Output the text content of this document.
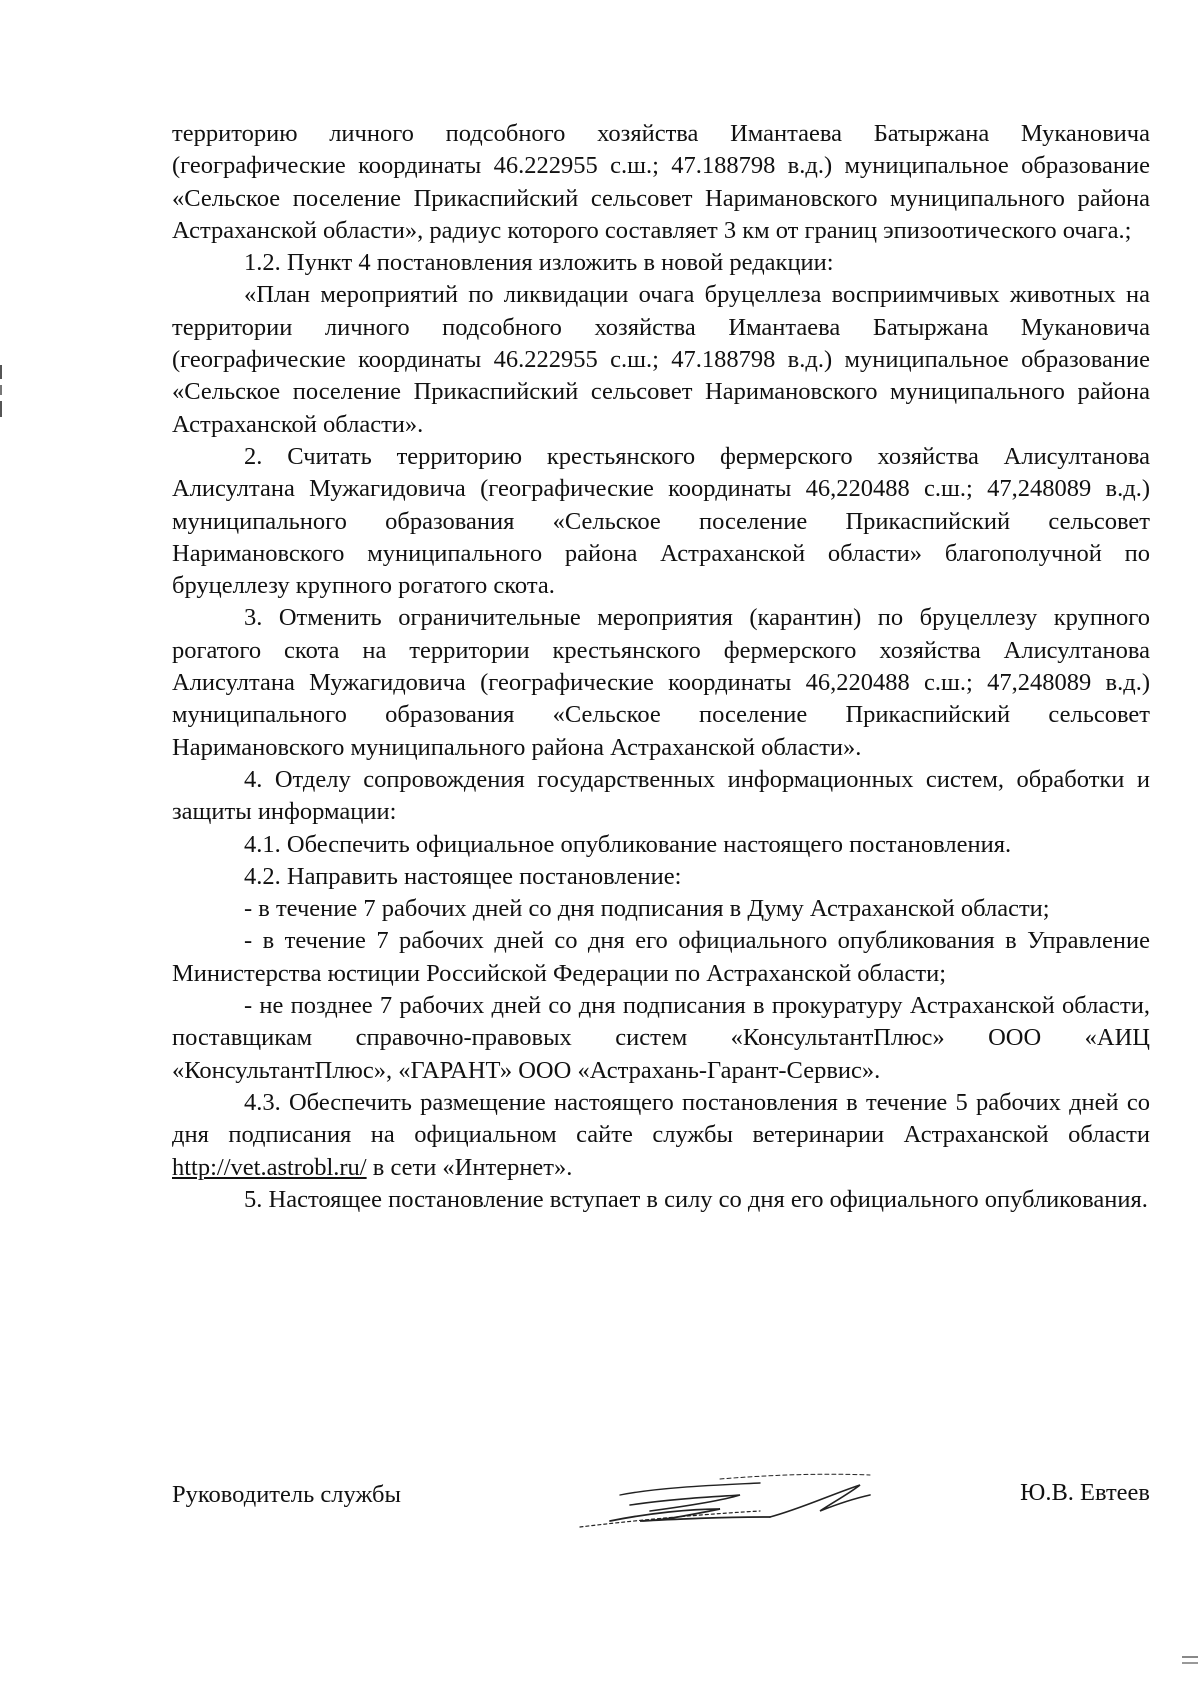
территорию личного подсобного хозяйства Имантаева Батыржана Мукановича (географические координаты 46.222955 с.ш.; 47.188798 в.д.) муниципальное образование «Сельское поселение Прикаспийский сельсовет Наримановского муниципального района Астраханской области», радиус которого составляет 3 км от границ эпизоотического очага.;

1.2. Пункт 4 постановления изложить в новой редакции:

«План мероприятий по ликвидации очага бруцеллеза восприимчивых животных на территории личного подсобного хозяйства Имантаева Батыржана Мукановича (географические координаты 46.222955 с.ш.; 47.188798 в.д.) муниципальное образование «Сельское поселение Прикаспийский сельсовет Наримановского муниципального района Астраханской области».

2. Считать территорию крестьянского фермерского хозяйства Алисултанова Алисултана Мужагидовича (географические координаты 46,220488 с.ш.; 47,248089 в.д.) муниципального образования «Сельское поселение Прикаспийский сельсовет Наримановского муниципального района Астраханской области» благополучной по бруцеллезу крупного рогатого скота.

3. Отменить ограничительные мероприятия (карантин) по бруцеллезу крупного рогатого скота на территории крестьянского фермерского хозяйства Алисултанова Алисултана Мужагидовича (географические координаты 46,220488 с.ш.; 47,248089 в.д.) муниципального образования «Сельское поселение Прикаспийский сельсовет Наримановского муниципального района Астраханской области».

4. Отделу сопровождения государственных информационных систем, обработки и защиты информации:

4.1. Обеспечить официальное опубликование настоящего постановления.

4.2. Направить настоящее постановление:

- в течение 7 рабочих дней со дня подписания в Думу Астраханской области;

- в течение 7 рабочих дней со дня его официального опубликования в Управление Министерства юстиции Российской Федерации по Астраханской области;

- не позднее 7 рабочих дней со дня подписания в прокуратуру Астраханской области, поставщикам справочно-правовых систем «КонсультантПлюс» ООО «АИЦ «КонсультантПлюс», «ГАРАНТ» ООО «Астрахань-Гарант-Сервис».

4.3. Обеспечить размещение настоящего постановления в течение 5 рабочих дней со дня подписания на официальном сайте службы ветеринарии Астраханской области http://vet.astrobl.ru/ в сети «Интернет».

5. Настоящее постановление вступает в силу со дня его официального опубликования.

Руководитель службы	Ю.В. Евтеев
